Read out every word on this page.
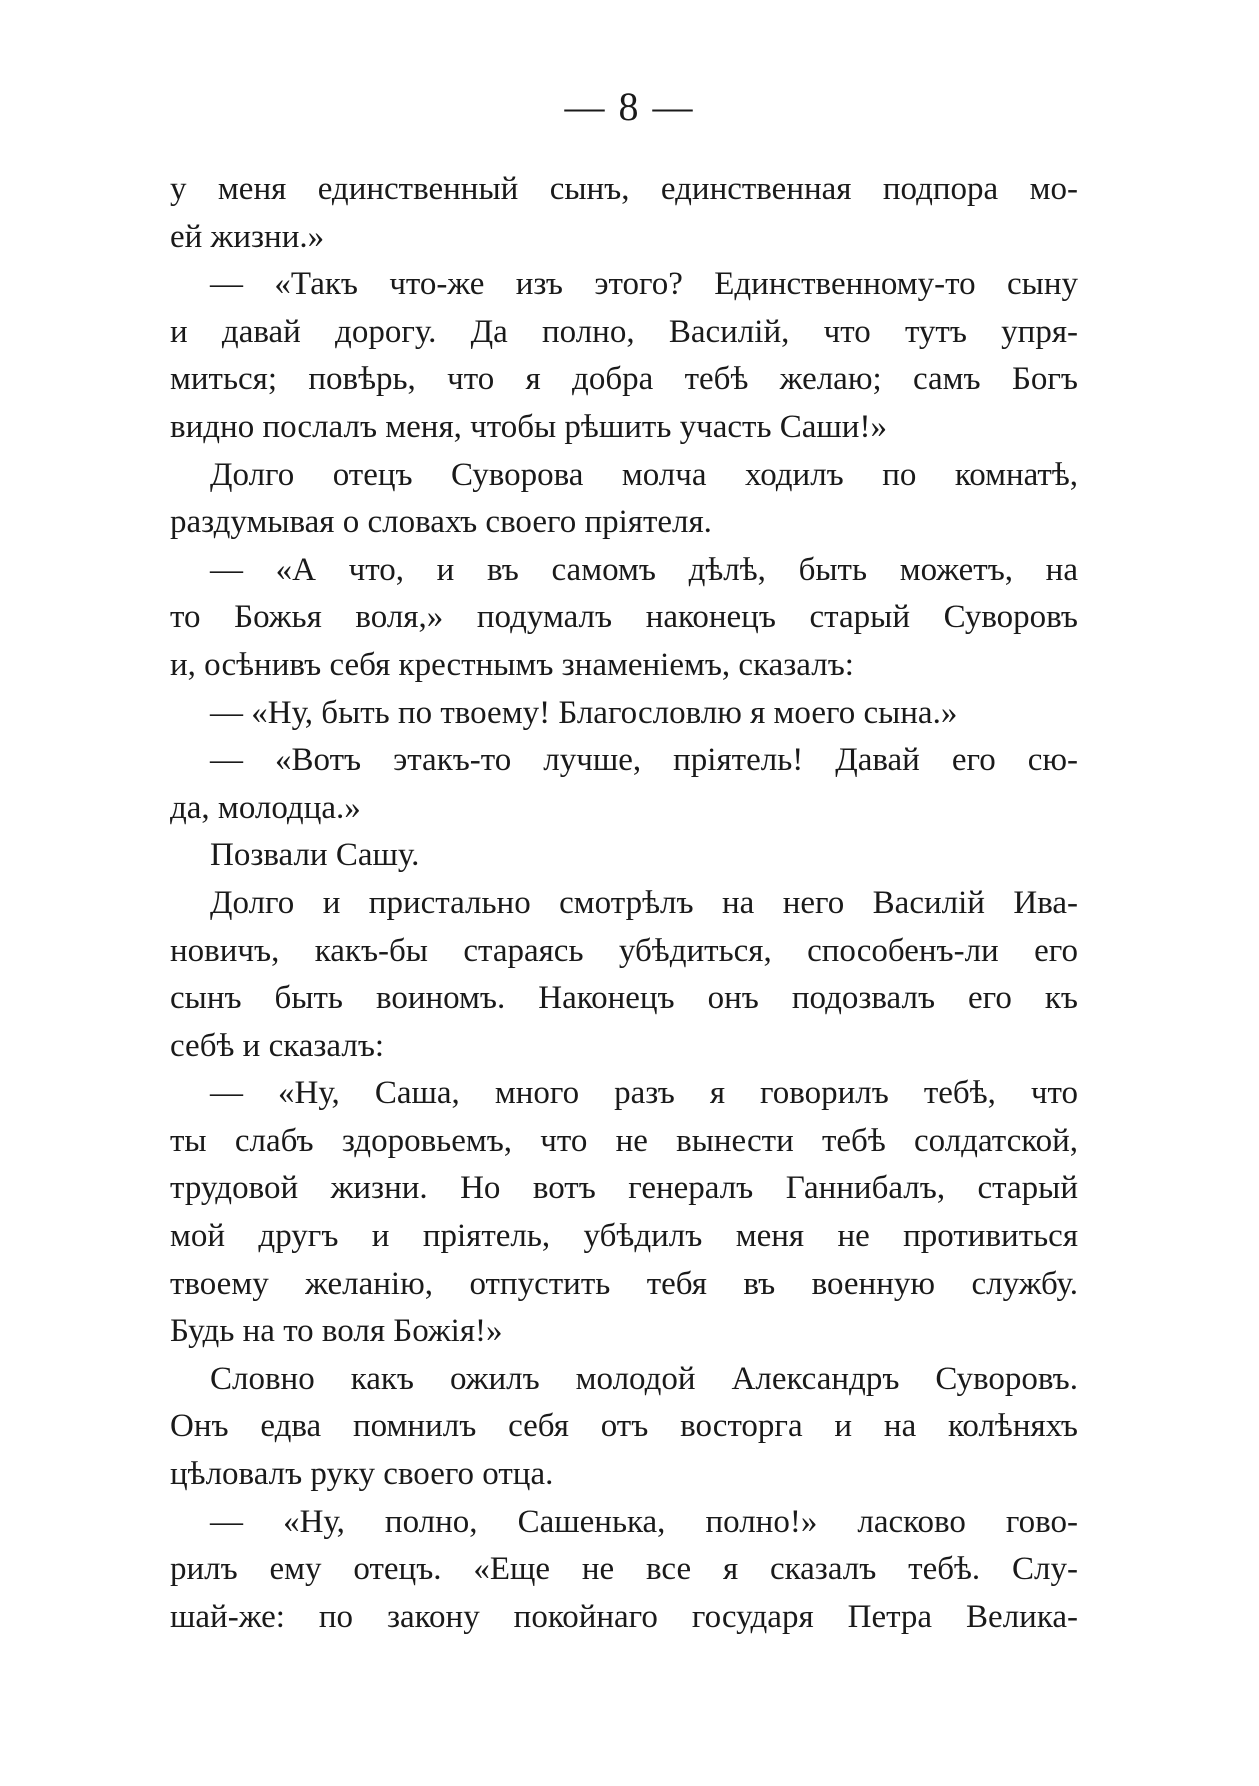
— 8 —
у меня единственный сынъ, единственная подпора мо-
ей жизни.»
— «Такъ что-же изъ этого? Единственному-то сыну
и давай дорогу. Да полно, Василій, что тутъ упря-
миться; повѣрь, что я добра тебѣ желаю; самъ Богъ
видно послалъ меня, чтобы рѣшить участь Саши!»
Долго отецъ Суворова молча ходилъ по комнатѣ,
раздумывая о словахъ своего пріятеля.
— «А что, и въ самомъ дѣлѣ, быть можетъ, на
то Божья воля,» подумалъ наконецъ старый Суворовъ
и, осѣнивъ себя крестнымъ знаменіемъ, сказалъ:
— «Ну, быть по твоему! Благословлю я моего сына.»
— «Вотъ этакъ-то лучше, пріятель! Давай его сю-
да, молодца.»
Позвали Сашу.
Долго и пристально смотрѣлъ на него Василій Ива-
новичъ, какъ-бы стараясь убѣдиться, способенъ-ли его
сынъ быть воиномъ. Наконецъ онъ подозвалъ его къ
себѣ и сказалъ:
— «Ну, Саша, много разъ я говорилъ тебѣ, что
ты слабъ здоровьемъ, что не вынести тебѣ солдатской,
трудовой жизни. Но вотъ генералъ Ганнибалъ, старый
мой другъ и пріятель, убѣдилъ меня не противиться
твоему желанію, отпустить тебя въ военную службу.
Будь на то воля Божія!»
Словно какъ ожилъ молодой Александръ Суворовъ.
Онъ едва помнилъ себя отъ восторга и на колѣняхъ
цѣловалъ руку своего отца.
— «Ну, полно, Сашенька, полно!» ласково гово-
рилъ ему отецъ. «Еще не все я сказалъ тебѣ. Слу-
шай-же: по закону покойнаго государя Петра Велика-
